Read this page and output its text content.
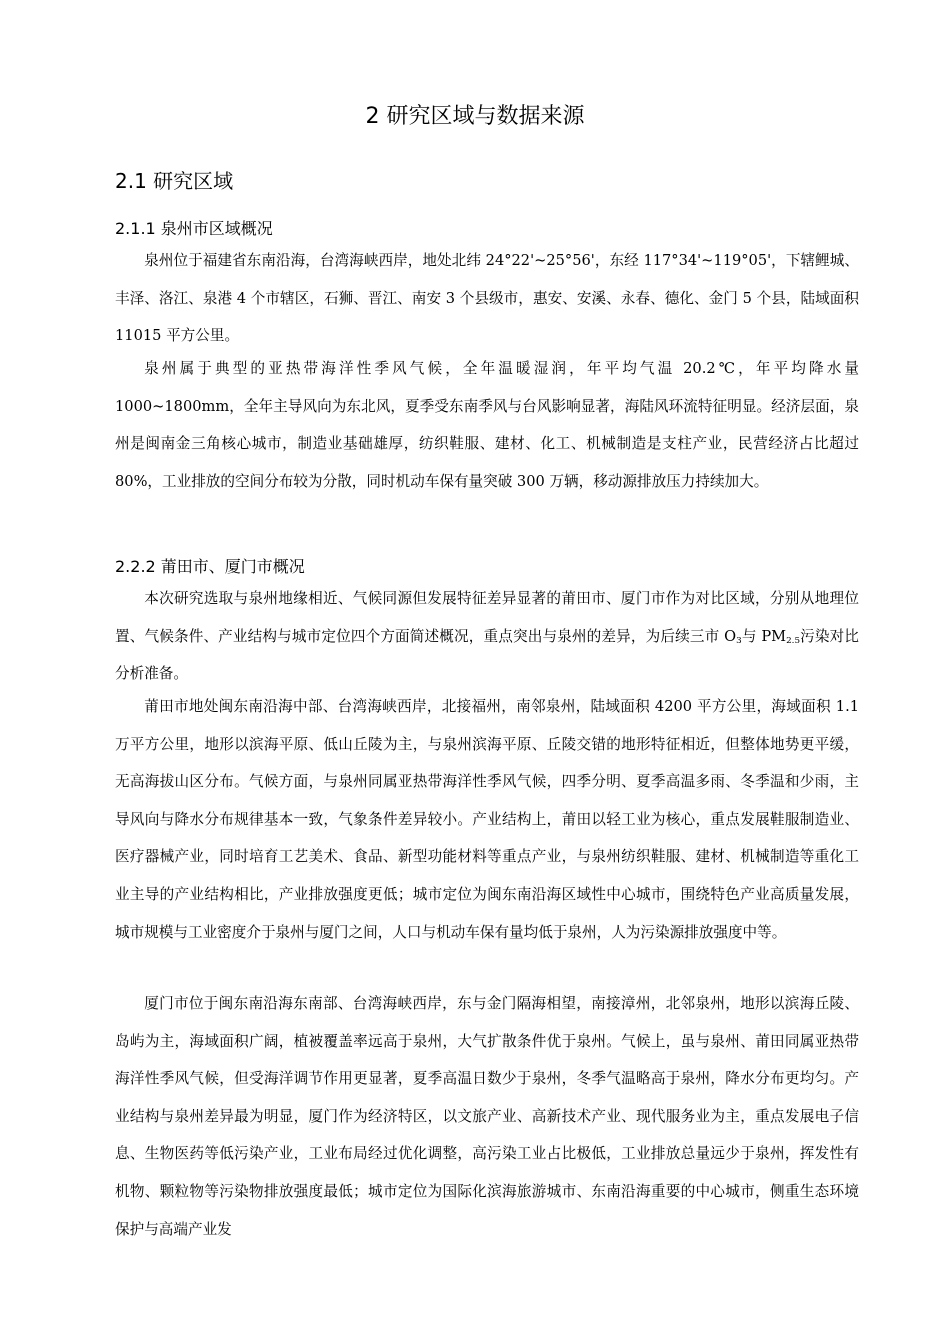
2 研究区域与数据来源
2.1 研究区域
2.1.1 泉州市区域概况

泉州位于福建省东南沿海，台湾海峡西岸，地处北纬 24°22'~25°56'，东经 117°34'~119°05'，下辖鲤城、丰泽、洛江、泉港 4 个市辖区，石狮、晋江、南安 3 个县级市，惠安、安溪、永春、德化、金门 5 个县，陆域面积 11015 平方公里。

泉州属于典型的亚热带海洋性季风气候，全年温暖湿润，年平均气温 20.2℃，年平均降水量 1000~1800mm，全年主导风向为东北风，夏季受东南季风与台风影响显著，海陆风环流特征明显。经济层面，泉州是闽南金三角核心城市，制造业基础雄厚，纺织鞋服、建材、化工、机械制造是支柱产业，民营经济占比超过 80%，工业排放的空间分布较为分散，同时机动车保有量突破 300 万辆，移动源排放压力持续加大。

2.2.2 莆田市、厦门市概况

本次研究选取与泉州地缘相近、气候同源但发展特征差异显著的莆田市、厦门市作为对比区域，分别从地理位置、气候条件、产业结构与城市定位四个方面简述概况，重点突出与泉州的差异，为后续三市 $O_3$与 $PM_{2.5}$污染对比分析准备。

莆田市地处闽东南沿海中部、台湾海峡西岸，北接福州，南邻泉州，陆域面积 4200 平方公里，海域面积 1.1 万平方公里，地形以滨海平原、低山丘陵为主，与泉州滨海平原、丘陵交错的地形特征相近，但整体地势更平缓，无高海拔山区分布。气候方面，与泉州同属亚热带海洋性季风气候，四季分明、夏季高温多雨、冬季温和少雨，主导风向与降水分布规律基本一致，气象条件差异较小。产业结构上，莆田以轻工业为核心，重点发展鞋服制造业、医疗器械产业，同时培育工艺美术、食品、新型功能材料等重点产业，与泉州纺织鞋服、建材、机械制造等重化工业主导的产业结构相比，产业排放强度更低；城市定位为闽东南沿海区域性中心城市，围绕特色产业高质量发展，城市规模与工业密度介于泉州与厦门之间，人口与机动车保有量均低于泉州，人为污染源排放强度中等。

厦门市位于闽东南沿海东南部、台湾海峡西岸，东与金门隔海相望，南接漳州，北邻泉州，地形以滨海丘陵、岛屿为主，海域面积广阔，植被覆盖率远高于泉州，大气扩散条件优于泉州。气候上，虽与泉州、莆田同属亚热带海洋性季风气候，但受海洋调节作用更显著，夏季高温日数少于泉州，冬季气温略高于泉州，降水分布更均匀。产业结构与泉州差异最为明显，厦门作为经济特区，以文旅产业、高新技术产业、现代服务业为主，重点发展电子信息、生物医药等低污染产业，工业布局经过优化调整，高污染工业占比极低，工业排放总量远少于泉州，挥发性有机物、颗粒物等污染物排放强度最低；城市定位为国际化滨海旅游城市、东南沿海重要的中心城市，侧重生态环境保护与高端产业发
